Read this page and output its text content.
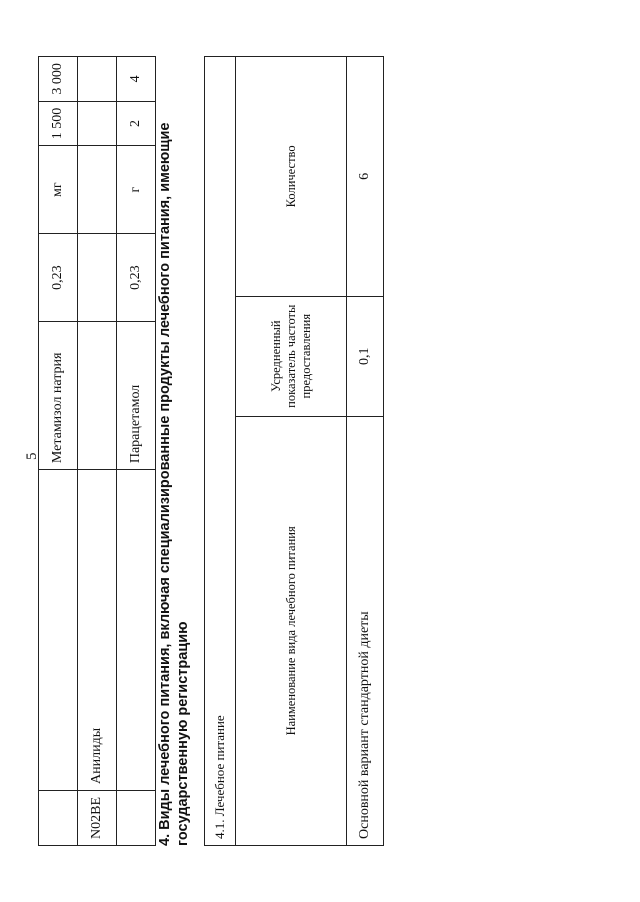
5
		Метамизол натрия	0,23	мг	1 500	3 000
N02BE	Анилиды					
		Парацетамол	0,23	г	2	4
4. Виды лечебного питания, включая специализированные продукты лечебного питания, имеющие государственную регистрацию 4.1. Лечебное питание		
Наименование вида лечебного питания	Усредненный показатель частоты предоставления	Количество
Основной вариант стандартной диеты	0,1	6
